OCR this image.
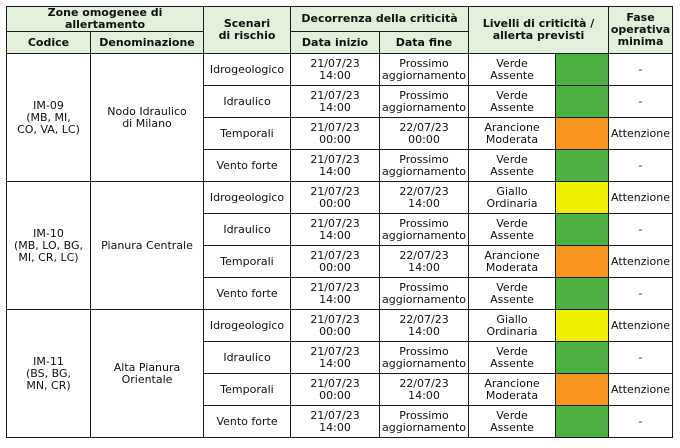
Zone omogenee di allertamento		Scenari
di rischio	Decorrenza della criticità		Livelli di criticità /
allerta previsti		Fase
operativa
minima
Codice	Denominazione		Data inizio	Data fine			
IM-09
(MB, MI,
CO, VA, LC)	Nodo Idraulico
di Milano	Idrogeologico	21/07/23
14:00	Prossimo
aggiornamento	Verde
Assente		-
		Idraulico	21/07/23
14:00	Prossimo
aggiornamento	Verde
Assente		-
		Temporali	21/07/23
00:00	22/07/23
00:00	Arancione
Moderata		Attenzione
		Vento forte	21/07/23
14:00	Prossimo
aggiornamento	Verde
Assente		-
IM-10
(MB, LO, BG,
MI, CR, LC)	Pianura Centrale	Idrogeologico	21/07/23
00:00	22/07/23
14:00	Giallo
Ordinaria		Attenzione
		Idraulico	21/07/23
14:00	Prossimo
aggiornamento	Verde
Assente		-
		Temporali	21/07/23
00:00	22/07/23
14:00	Arancione
Moderata		Attenzione
		Vento forte	21/07/23
14:00	Prossimo
aggiornamento	Verde
Assente		-
IM-11
(BS, BG,
MN, CR)	Alta Pianura
Orientale	Idrogeologico	21/07/23
00:00	22/07/23
14:00	Giallo
Ordinaria		Attenzione
		Idraulico	21/07/23
14:00	Prossimo
aggiornamento	Verde
Assente		-
		Temporali	21/07/23
00:00	22/07/23
14:00	Arancione
Moderata		Attenzione
		Vento forte	21/07/23
14:00	Prossimo
aggiornamento	Verde
Assente		-
